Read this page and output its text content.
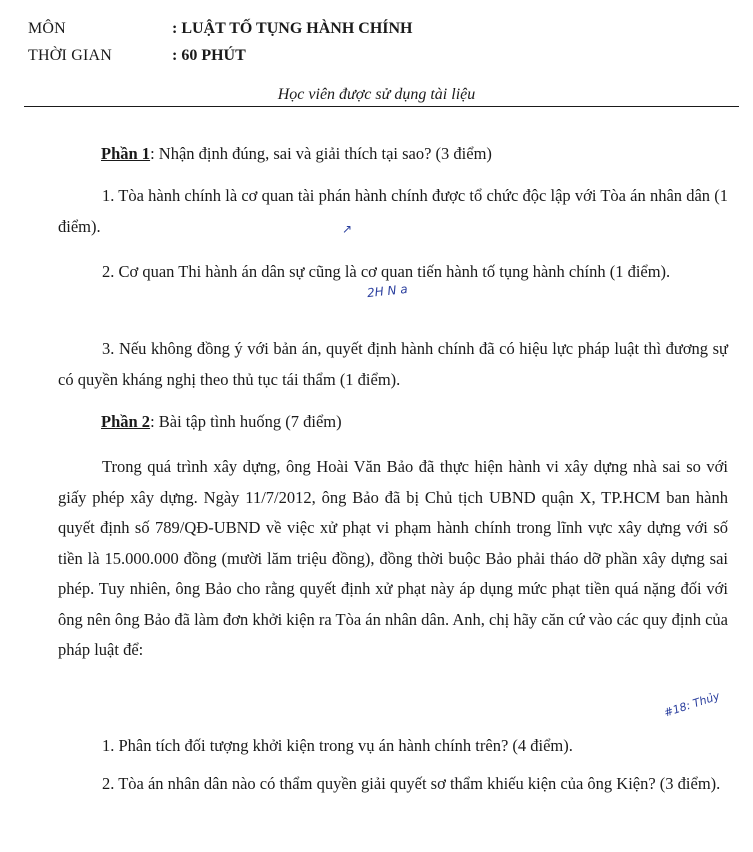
MÔN	: LUẬT TỐ TỤNG HÀNH CHÍNH
THỜI GIAN	: 60 PHÚT
Học viên được sử dụng tài liệu
Phần 1: Nhận định đúng, sai và giải thích tại sao? (3 điểm)
1. Tòa hành chính là cơ quan tài phán hành chính được tổ chức độc lập với Tòa án nhân dân (1 điểm).
2. Cơ quan Thi hành án dân sự cũng là cơ quan tiến hành tố tụng hành chính (1 điểm).
3. Nếu không đồng ý với bản án, quyết định hành chính đã có hiệu lực pháp luật thì đương sự có quyền kháng nghị theo thủ tục tái thẩm (1 điểm).
Phần 2: Bài tập tình huống (7 điểm)
Trong quá trình xây dựng, ông Hoài Văn Bảo đã thực hiện hành vi xây dựng nhà sai so với giấy phép xây dựng. Ngày 11/7/2012, ông Bảo đã bị Chủ tịch UBND quận X, TP.HCM ban hành quyết định số 789/QĐ-UBND về việc xử phạt vi phạm hành chính trong lĩnh vực xây dựng với số tiền là 15.000.000 đồng (mười lăm triệu đồng), đồng thời buộc Bảo phải tháo dỡ phần xây dựng sai phép. Tuy nhiên, ông Bảo cho rằng quyết định xử phạt này áp dụng mức phạt tiền quá nặng đối với ông nên ông Bảo đã làm đơn khởi kiện ra Tòa án nhân dân. Anh, chị hãy căn cứ vào các quy định của pháp luật để:
1. Phân tích đối tượng khởi kiện trong vụ án hành chính trên? (4 điểm).
2. Tòa án nhân dân nào có thẩm quyền giải quyết sơ thẩm khiếu kiện của ông Kiện? (3 điểm).
2H N a
#18: Thủy
↗
